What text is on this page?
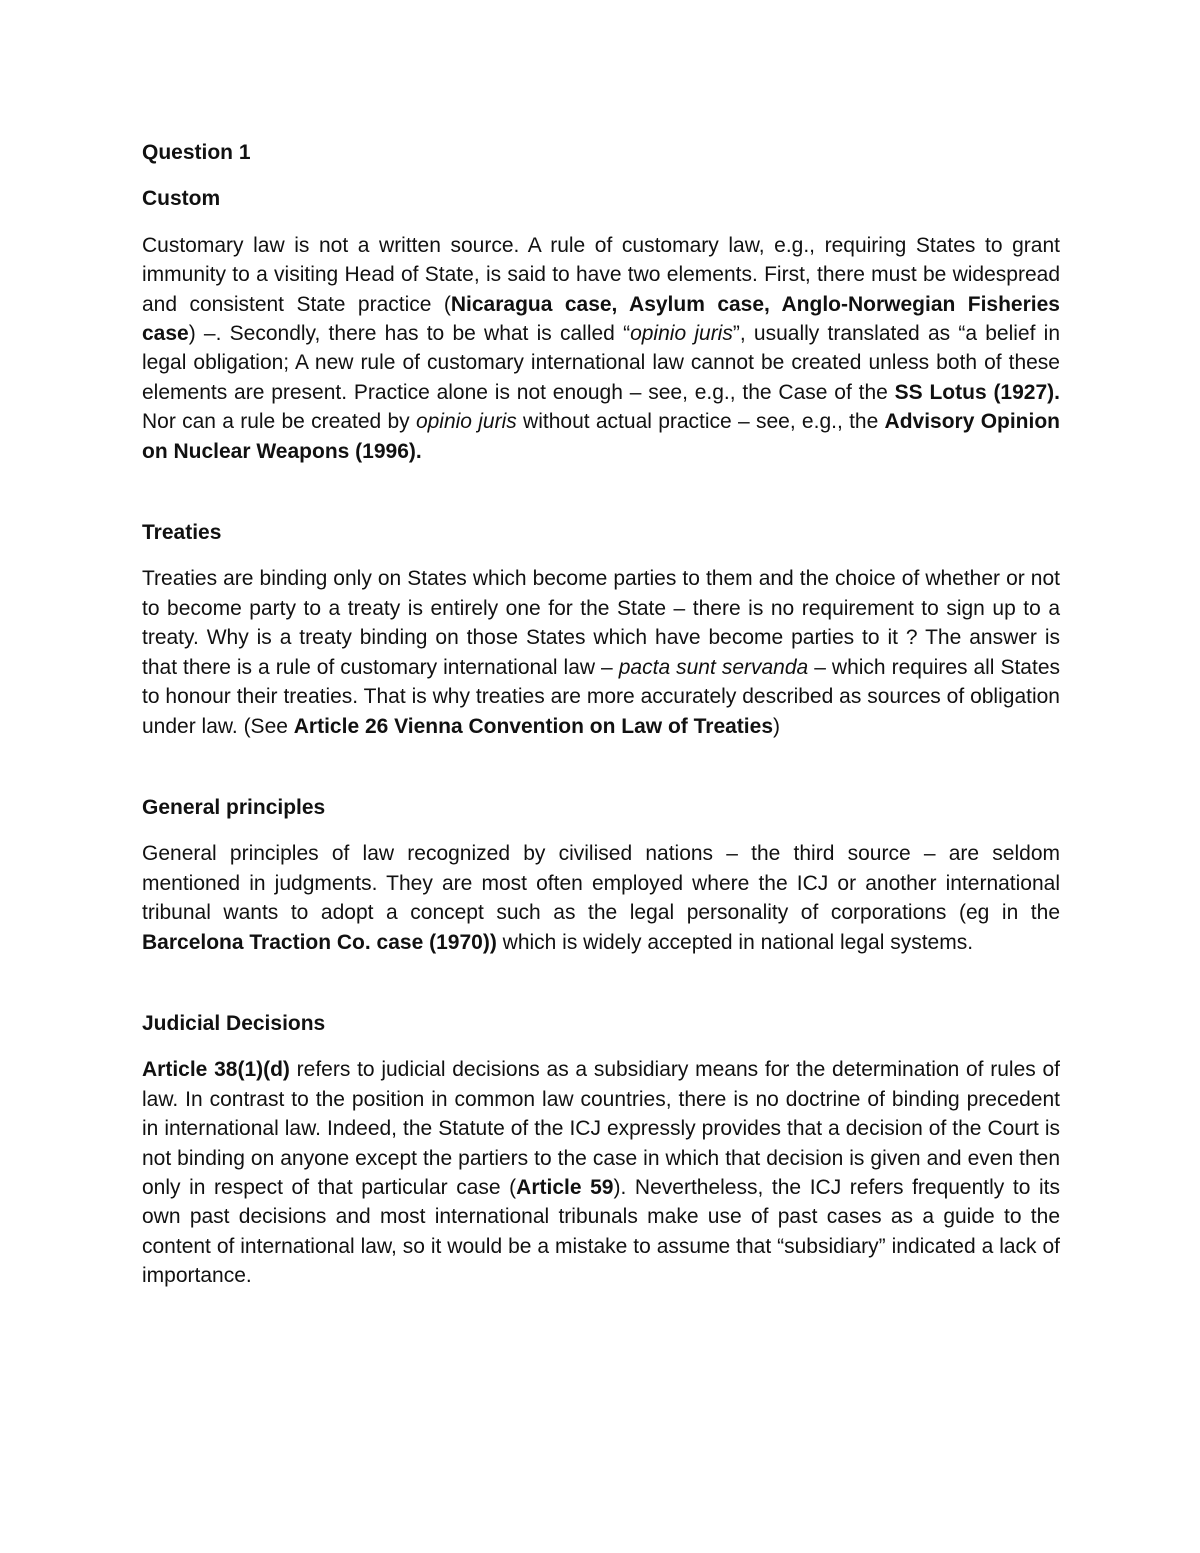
Question 1

Custom

Customary law is not a written source. A rule of customary law, e.g., requiring States to grant immunity to a visiting Head of State, is said to have two elements. First, there must be widespread and consistent State practice (Nicaragua case, Asylum case, Anglo-Norwegian Fisheries case) –. Secondly, there has to be what is called “opinio juris”, usually translated as “a belief in legal obligation; A new rule of customary international law cannot be created unless both of these elements are present. Practice alone is not enough – see, e.g., the Case of the SS Lotus (1927). Nor can a rule be created by opinio juris without actual practice – see, e.g., the Advisory Opinion on Nuclear Weapons (1996).

Treaties

Treaties are binding only on States which become parties to them and the choice of whether or not to become party to a treaty is entirely one for the State – there is no requirement to sign up to a treaty. Why is a treaty binding on those States which have become parties to it ? The answer is that there is a rule of customary international law – pacta sunt servanda – which requires all States to honour their treaties. That is why treaties are more accurately described as sources of obligation under law. (See Article 26 Vienna Convention on Law of Treaties)

General principles

General principles of law recognized by civilised nations – the third source – are seldom mentioned in judgments. They are most often employed where the ICJ or another international tribunal wants to adopt a concept such as the legal personality of corporations (eg in the Barcelona Traction Co. case (1970)) which is widely accepted in national legal systems.

Judicial Decisions

Article 38(1)(d) refers to judicial decisions as a subsidiary means for the determination of rules of law. In contrast to the position in common law countries, there is no doctrine of binding precedent in international law. Indeed, the Statute of the ICJ expressly provides that a decision of the Court is not binding on anyone except the partiers to the case in which that decision is given and even then only in respect of that particular case (Article 59). Nevertheless, the ICJ refers frequently to its own past decisions and most international tribunals make use of past cases as a guide to the content of international law, so it would be a mistake to assume that “subsidiary” indicated a lack of importance.
